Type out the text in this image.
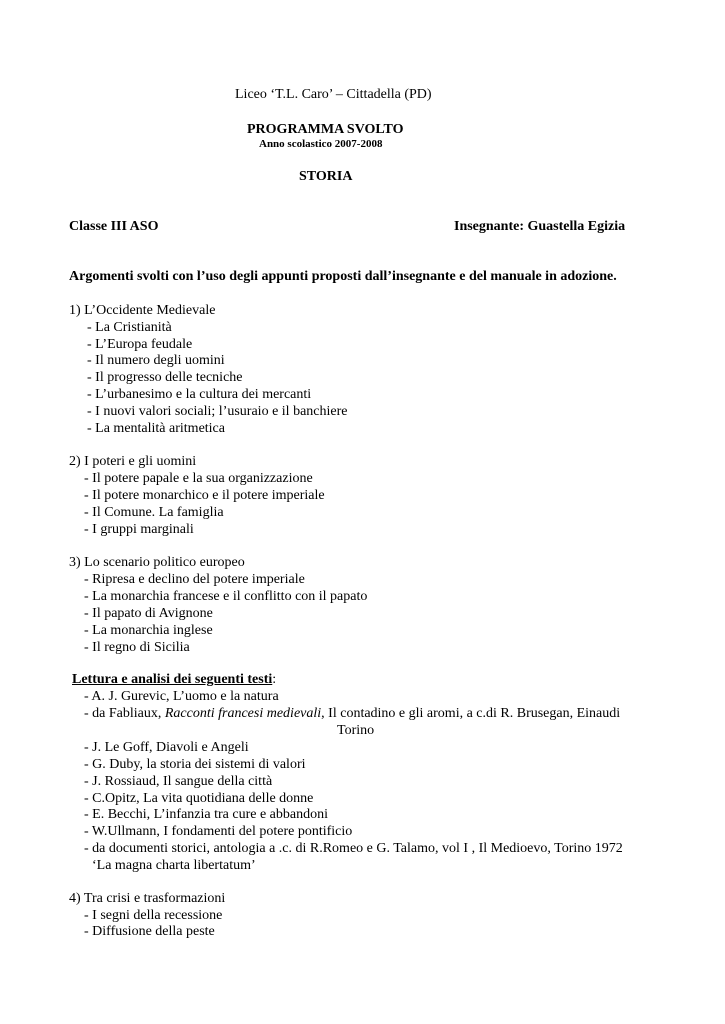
Liceo ‘T.L. Caro’ – Cittadella (PD)
PROGRAMMA SVOLTO
Anno scolastico 2007-2008
STORIA
Classe III ASO	Insegnante: Guastella Egizia
Argomenti svolti con l’uso degli appunti proposti dall’insegnante e del manuale in adozione.
1) L’Occidente Medievale
- La Cristianità
- L’Europa feudale
- Il numero degli uomini
- Il progresso delle tecniche
- L’urbanesimo e la cultura dei mercanti
- I nuovi valori sociali; l’usuraio e il banchiere
- La mentalità aritmetica
2) I poteri e gli uomini
- Il potere papale e la sua organizzazione
- Il potere monarchico e il potere imperiale
- Il Comune. La famiglia
- I gruppi marginali
3) Lo scenario politico europeo
- Ripresa e declino del potere imperiale
- La monarchia francese e il conflitto con il papato
- Il papato di Avignone
- La monarchia inglese
- Il regno di Sicilia
Lettura e analisi dei seguenti testi:
- A. J. Gurevic, L’uomo e la natura
- da Fabliaux, Racconti francesi medievali, Il contadino e gli aromi, a c.di R. Brusegan, Einaudi
Torino
- J. Le Goff, Diavoli e Angeli
- G. Duby, la storia dei sistemi di valori
- J. Rossiaud, Il sangue della città
- C.Opitz, La vita quotidiana delle donne
- E. Becchi, L’infanzia tra cure e abbandoni
- W.Ullmann, I fondamenti del potere pontificio
- da documenti storici, antologia a .c. di R.Romeo e G. Talamo, vol I , Il Medioevo, Torino 1972
‘La magna charta libertatum’
4) Tra crisi e trasformazioni
- I segni della recessione
- Diffusione della peste
